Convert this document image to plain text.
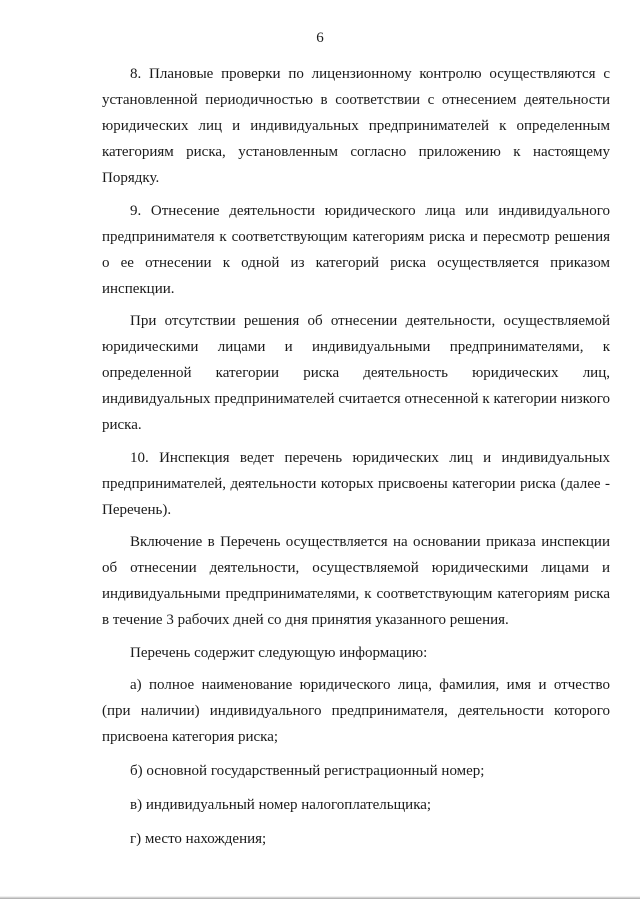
6

8. Плановые проверки по лицензионному контролю осуществляются с установленной периодичностью в соответствии с отнесением деятельности юридических лиц и индивидуальных предпринимателей к определенным категориям риска, установленным согласно приложению к настоящему Порядку.

9. Отнесение деятельности юридического лица или индивидуального предпринимателя к соответствующим категориям риска и пересмотр решения о ее отнесении к одной из категорий риска осуществляется приказом инспекции.

При отсутствии решения об отнесении деятельности, осуществляемой юридическими лицами и индивидуальными предпринимателями, к определенной категории риска деятельность юридических лиц, индивидуальных предпринимателей считается отнесенной к категории низкого риска.

10. Инспекция ведет перечень юридических лиц и индивидуальных предпринимателей, деятельности которых присвоены категории риска (далее - Перечень).

Включение в Перечень осуществляется на основании приказа инспекции об отнесении деятельности, осуществляемой юридическими лицами и индивидуальными предпринимателями, к соответствующим категориям риска в течение 3 рабочих дней со дня принятия указанного решения.

Перечень содержит следующую информацию:

а) полное наименование юридического лица, фамилия, имя и отчество (при наличии) индивидуального предпринимателя, деятельности которого присвоена категория риска;

б) основной государственный регистрационный номер;

в) индивидуальный номер налогоплательщика;

г) место нахождения;
